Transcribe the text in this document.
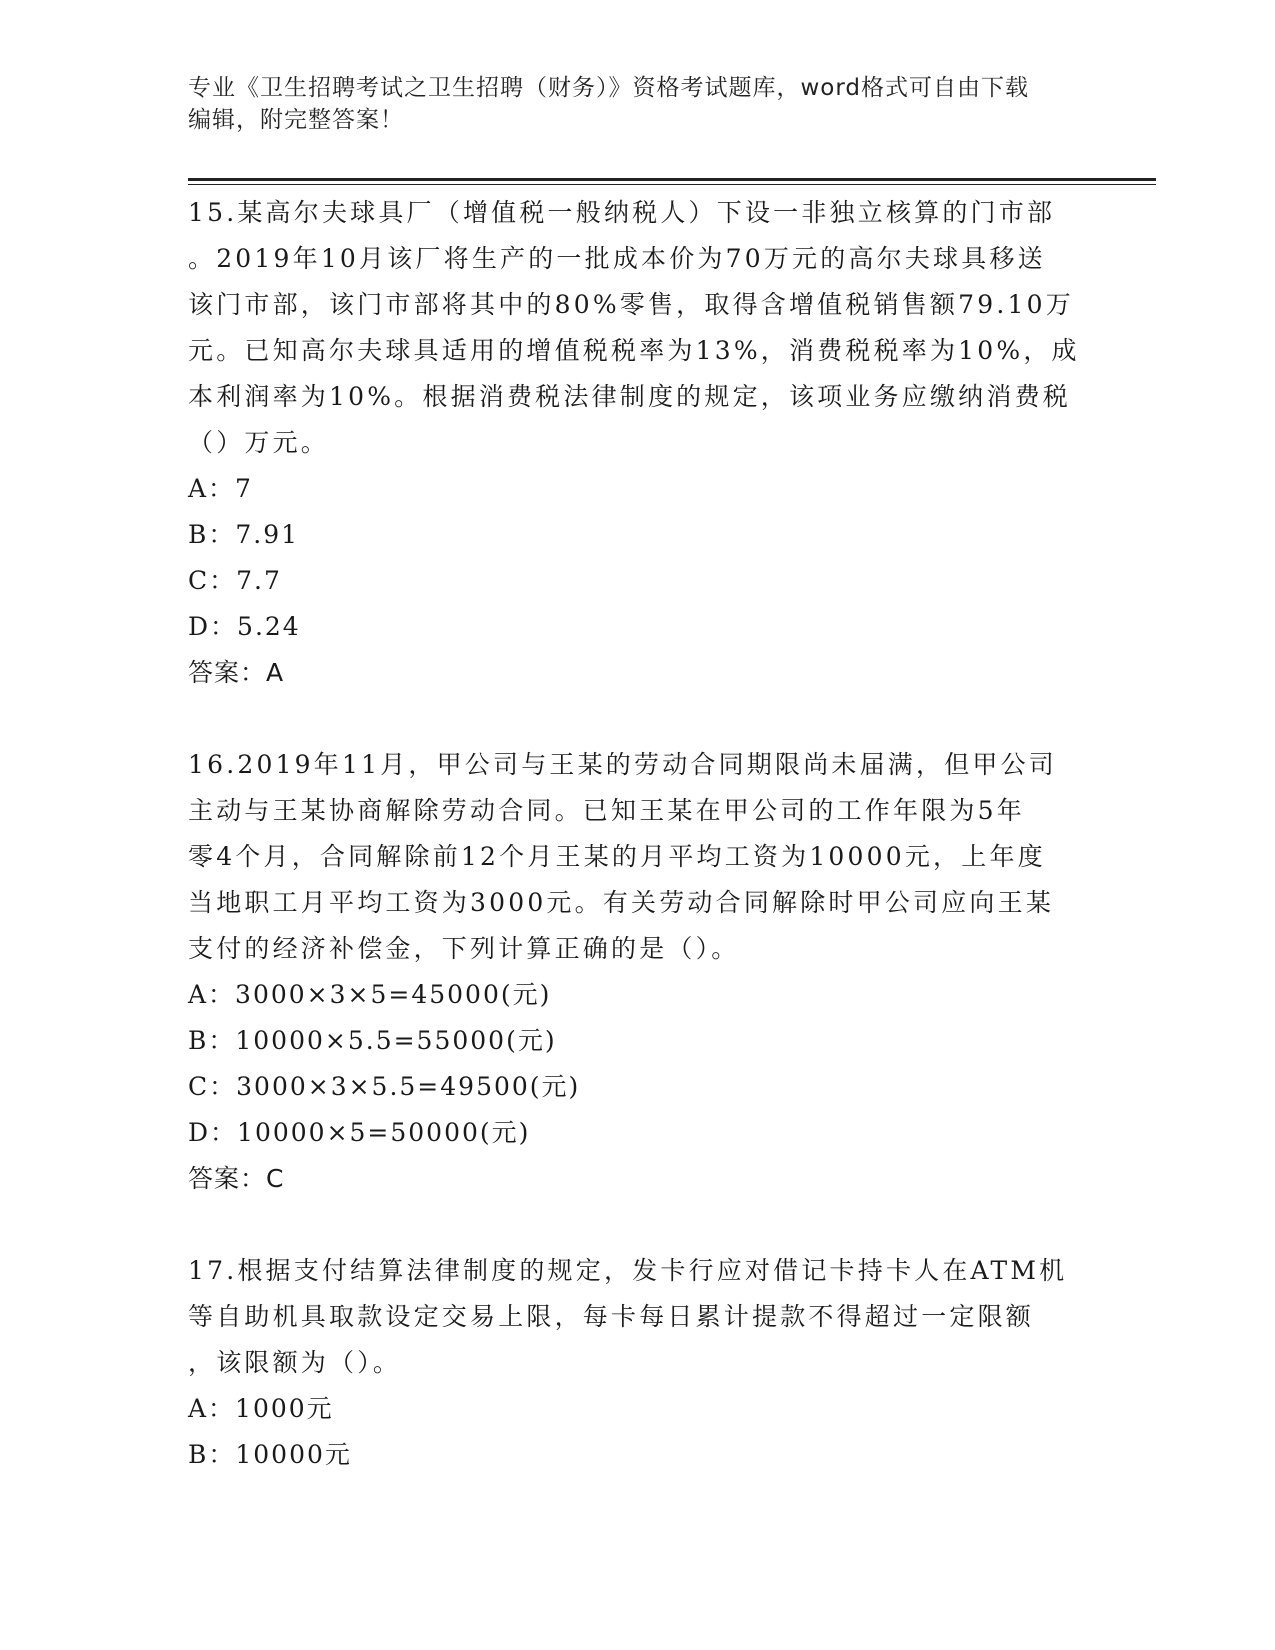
专业《卫生招聘考试之卫生招聘（财务）》资格考试题库，word格式可自由下载
编辑，附完整答案！
15.某高尔夫球具厂（增值税一般纳税人）下设一非独立核算的门市部
。2019年10月该厂将生产的一批成本价为70万元的高尔夫球具移送
该门市部，该门市部将其中的80%零售，取得含增值税销售额79.10万
元。已知高尔夫球具适用的增值税税率为13%，消费税税率为10%，成
本利润率为10%。根据消费税法律制度的规定，该项业务应缴纳消费税
（）万元。
A：7
B：7.91
C：7.7
D：5.24
答案：A
16.2019年11月，甲公司与王某的劳动合同期限尚未届满，但甲公司
主动与王某协商解除劳动合同。已知王某在甲公司的工作年限为5年
零4个月，合同解除前12个月王某的月平均工资为10000元，上年度
当地职工月平均工资为3000元。有关劳动合同解除时甲公司应向王某
支付的经济补偿金，下列计算正确的是（）。
A：3000×3×5=45000(元)
B：10000×5.5=55000(元)
C：3000×3×5.5=49500(元)
D：10000×5=50000(元)
答案：C
17.根据支付结算法律制度的规定，发卡行应对借记卡持卡人在ATM机
等自助机具取款设定交易上限，每卡每日累计提款不得超过一定限额
，该限额为（）。
A：1000元
B：10000元
